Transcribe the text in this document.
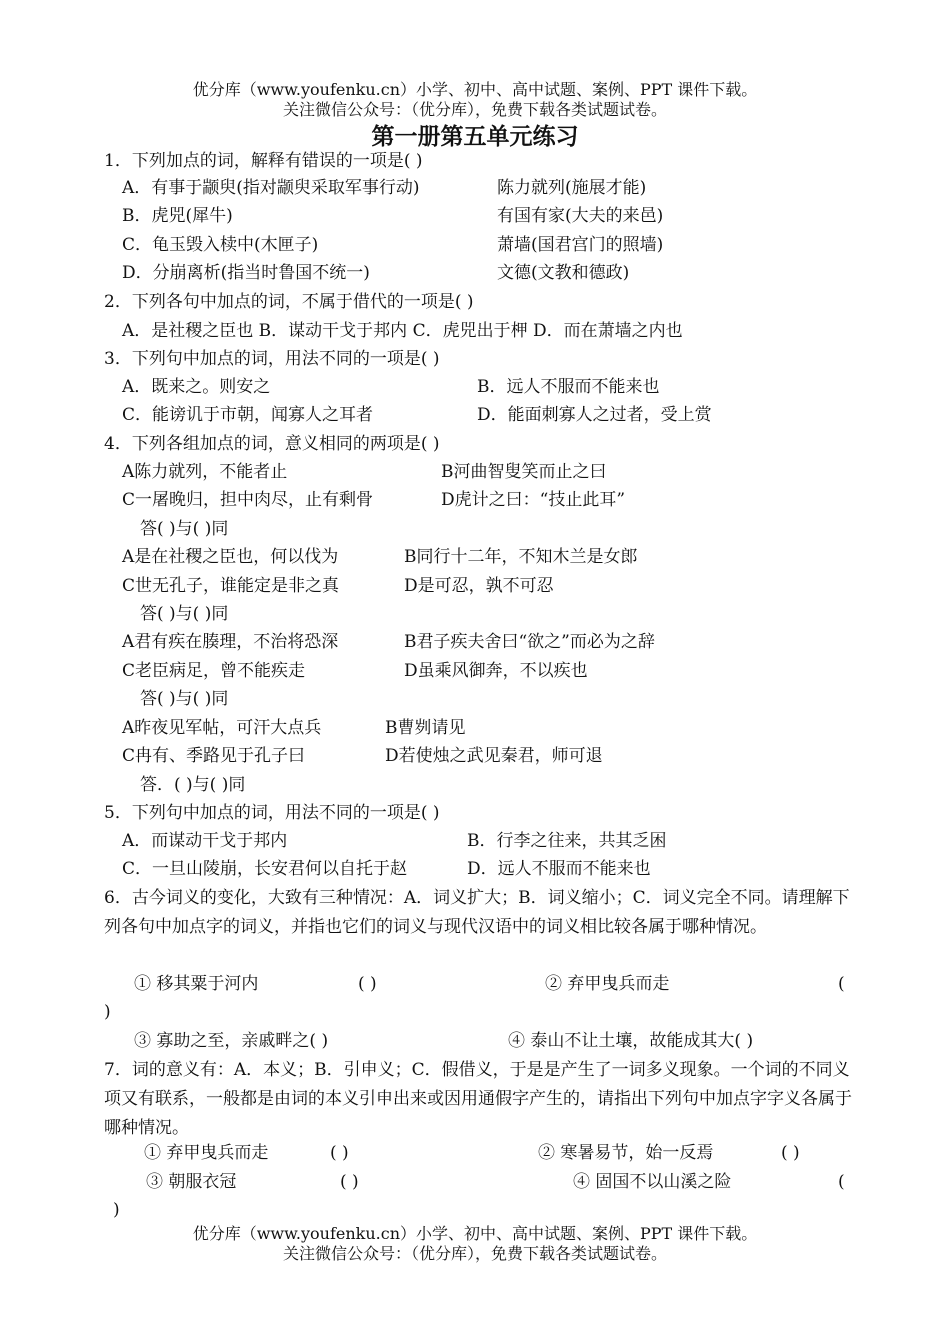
优分库（www.youfenku.cn）小学、初中、高中试题、案例、PPT 课件下载。
关注微信公众号：（优分库），免费下载各类试题试卷。
第一册第五单元练习
1．下列加点的词，解释有错误的一项是( )
A．有事于颛臾(指对颛臾采取军事行动)	陈力就列(施展才能)
B．虎兕(犀牛)	有国有家(大夫的来邑)
C．龟玉毁入椟中(木匣子)	萧墙(国君宫门的照墙)
D．分崩离析(指当时鲁国不统一)	文德(文教和德政)
2．下列各句中加点的词，不属于借代的一项是( )
A．是社稷之臣也 B．谋动干戈于邦内 C．虎兕出于柙 D．而在萧墙之内也
3．下列句中加点的词，用法不同的一项是( )
A．既来之。则安之	B．远人不服而不能来也
C．能谤讥于市朝，闻寡人之耳者	D．能面刺寡人之过者，受上赏
4．下列各组加点的词，意义相同的两项是( )
A陈力就列，不能者止	B河曲智叟笑而止之曰
C一屠晚归，担中肉尽，止有剩骨	D虎计之曰：“技止此耳”
答( )与( )同
A是在社稷之臣也，何以伐为	B同行十二年，不知木兰是女郎
C世无孔子，谁能定是非之真	D是可忍，孰不可忍
答( )与( )同
A君有疾在腠理，不治将恐深	B君子疾夫舍曰“欲之”而必为之辞
C老臣病足，曾不能疾走	D虽乘风御奔，不以疾也
答( )与( )同
A昨夜见军帖，可汗大点兵	B曹刿请见
C冉有、季路见于孔子曰	D若使烛之武见秦君，师可退
答．( )与( )同
5．下列句中加点的词，用法不同的一项是( )
A．而谋动干戈于邦内	B．行李之往来，共其乏困
C．一旦山陵崩，长安君何以自托于赵	D．远人不服而不能来也
6．古今词义的变化，大致有三种情况：A．词义扩大；B．词义缩小；C．词义完全不同。请理解下列各句中加点字的词义，并指也它们的词义与现代汉语中的词义相比较各属于哪种情况。
① 移其粟于河内	( )	② 弃甲曳兵而走	(
)
③ 寡助之至，亲戚畔之( )	④ 泰山不让土壤，故能成其大( )
7．词的意义有：A．本义；B．引申义；C．假借义，于是是产生了一词多义现象。一个词的不同义项又有联系，一般都是由词的本义引申出来或因用通假字产生的，请指出下列句中加点字字义各属于哪种情况。
① 弃甲曳兵而走	( )	② 寒暑易节，始一反焉	( )
③ 朝服衣冠	( )	④ 固国不以山溪之险	(
)
优分库（www.youfenku.cn）小学、初中、高中试题、案例、PPT 课件下载。
关注微信公众号：（优分库），免费下载各类试题试卷。
